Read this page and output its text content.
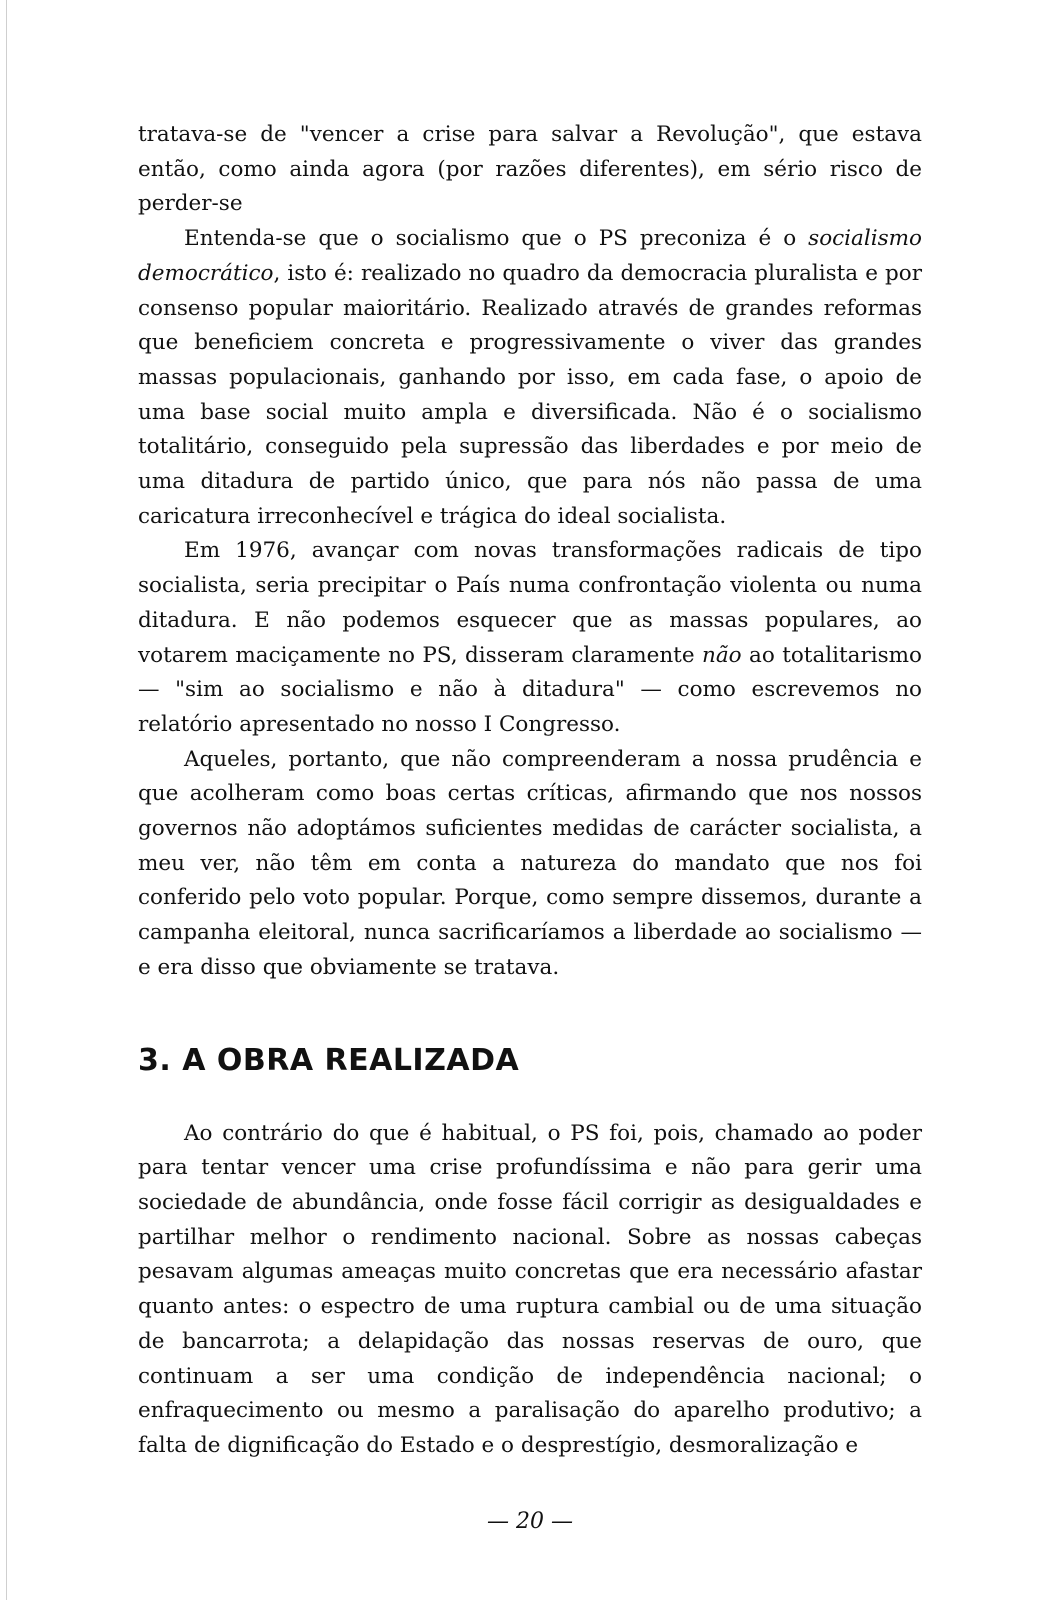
tratava-se de "vencer a crise para salvar a Revolução", que estava então, como ainda agora (por razões diferentes), em sério risco de perder-se

Entenda-se que o socialismo que o PS preconiza é o socialismo democrático, isto é: realizado no quadro da democracia pluralista e por consenso popular maioritário. Realizado através de grandes reformas que beneficiem concreta e progressivamente o viver das grandes massas populacionais, ganhando por isso, em cada fase, o apoio de uma base social muito ampla e diversificada. Não é o socialismo totalitário, conseguido pela supressão das liberdades e por meio de uma ditadura de partido único, que para nós não passa de uma caricatura irreconhecível e trágica do ideal socialista.

Em 1976, avançar com novas transformações radicais de tipo socialista, seria precipitar o País numa confrontação violenta ou numa ditadura. E não podemos esquecer que as massas populares, ao votarem maciçamente no PS, disseram claramente não ao totalitarismo — "sim ao socialismo e não à ditadura" — como escrevemos no relatório apresentado no nosso I Congresso.

Aqueles, portanto, que não compreenderam a nossa prudência e que acolheram como boas certas críticas, afirmando que nos nossos governos não adoptámos suficientes medidas de carácter socialista, a meu ver, não têm em conta a natureza do mandato que nos foi conferido pelo voto popular. Porque, como sempre dissemos, durante a campanha eleitoral, nunca sacrificaríamos a liberdade ao socialismo — e era disso que obviamente se tratava.

3. A OBRA REALIZADA

Ao contrário do que é habitual, o PS foi, pois, chamado ao poder para tentar vencer uma crise profundíssima e não para gerir uma sociedade de abundância, onde fosse fácil corrigir as desigualdades e partilhar melhor o rendimento nacional. Sobre as nossas cabeças pesavam algumas ameaças muito concretas que era necessário afastar quanto antes: o espectro de uma ruptura cambial ou de uma situação de bancarrota; a delapidação das nossas reservas de ouro, que continuam a ser uma condição de independência nacional; o enfraquecimento ou mesmo a paralisação do aparelho produtivo; a falta de dignificação do Estado e o desprestígio, desmoralização e

— 20 —
